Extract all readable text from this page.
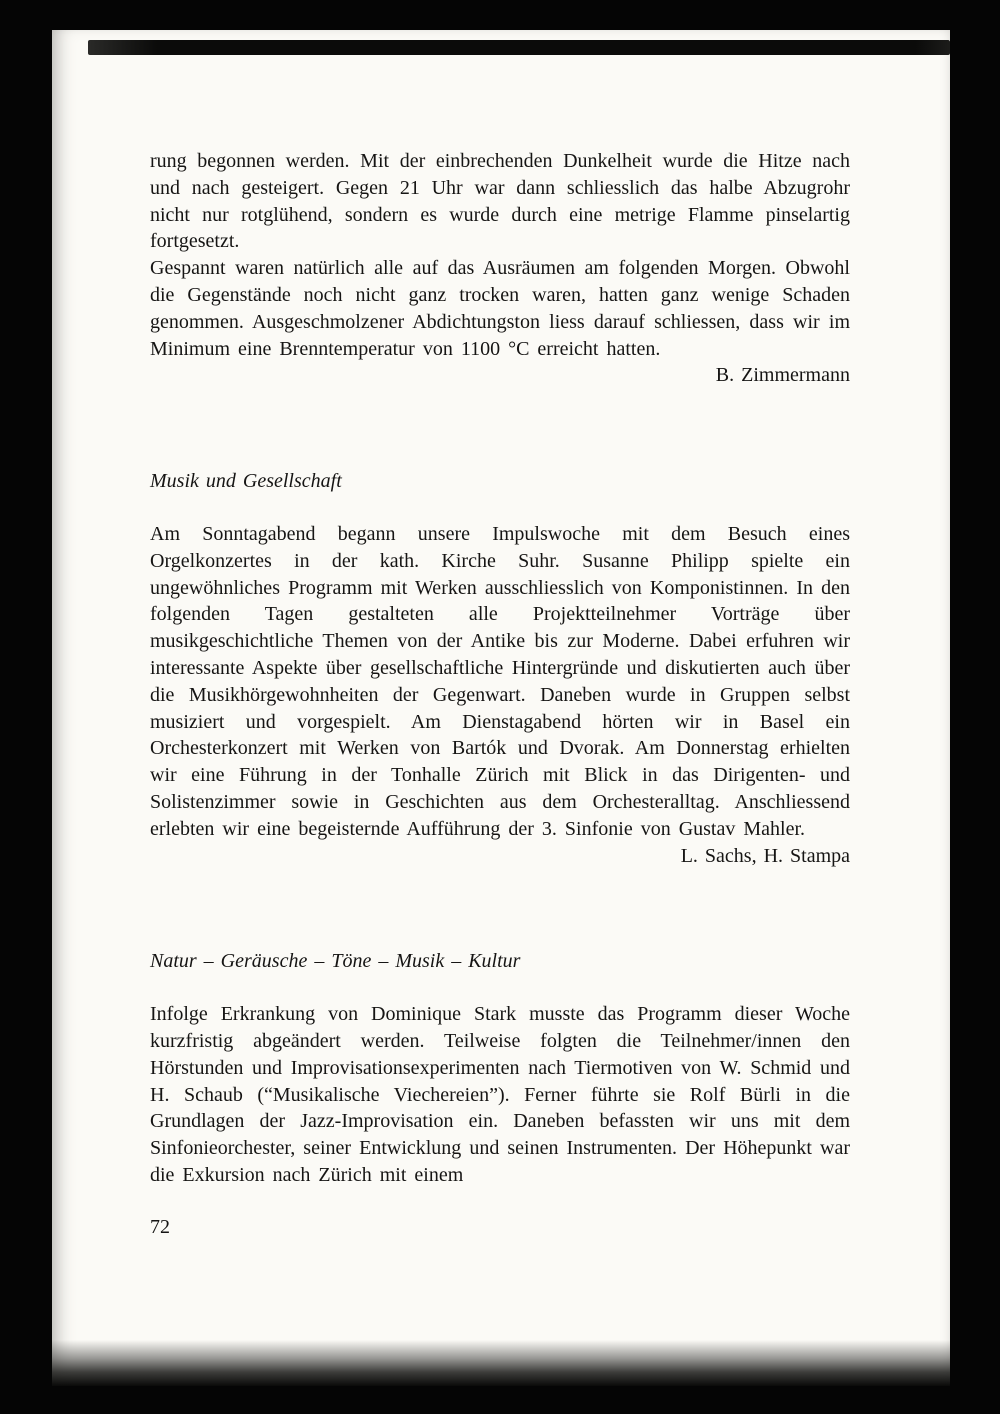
rung begonnen werden. Mit der einbrechenden Dunkelheit wurde die Hitze nach und nach gesteigert. Gegen 21 Uhr war dann schliesslich das halbe Abzugrohr nicht nur rotglühend, sondern es wurde durch eine metrige Flamme pinselartig fortgesetzt.

Gespannt waren natürlich alle auf das Ausräumen am folgenden Morgen. Obwohl die Gegenstände noch nicht ganz trocken waren, hatten ganz wenige Schaden genommen. Ausgeschmolzener Abdichtungston liess darauf schliessen, dass wir im Minimum eine Brenntemperatur von 1100 °C erreicht hatten.

B. Zimmermann

Musik und Gesellschaft

Am Sonntagabend begann unsere Impulswoche mit dem Besuch eines Orgelkonzertes in der kath. Kirche Suhr. Susanne Philipp spielte ein ungewöhnliches Programm mit Werken ausschliesslich von Komponistinnen. In den folgenden Tagen gestalteten alle Projektteilnehmer Vorträge über musikgeschichtliche Themen von der Antike bis zur Moderne. Dabei erfuhren wir interessante Aspekte über gesellschaftliche Hintergründe und diskutierten auch über die Musikhörgewohnheiten der Gegenwart. Daneben wurde in Gruppen selbst musiziert und vorgespielt. Am Dienstagabend hörten wir in Basel ein Orchesterkonzert mit Werken von Bartók und Dvorak. Am Donnerstag erhielten wir eine Führung in der Tonhalle Zürich mit Blick in das Dirigenten- und Solistenzimmer sowie in Geschichten aus dem Orchesteralltag. Anschliessend erlebten wir eine begeisternde Aufführung der 3. Sinfonie von Gustav Mahler.

L. Sachs, H. Stampa

Natur – Geräusche – Töne – Musik – Kultur

Infolge Erkrankung von Dominique Stark musste das Programm dieser Woche kurzfristig abgeändert werden. Teilweise folgten die Teilnehmer/innen den Hörstunden und Improvisationsexperimenten nach Tiermotiven von W. Schmid und H. Schaub (“Musikalische Viechereien”). Ferner führte sie Rolf Bürli in die Grundlagen der Jazz-Improvisation ein. Daneben befassten wir uns mit dem Sinfonieorchester, seiner Entwicklung und seinen Instrumenten. Der Höhepunkt war die Exkursion nach Zürich mit einem

72
